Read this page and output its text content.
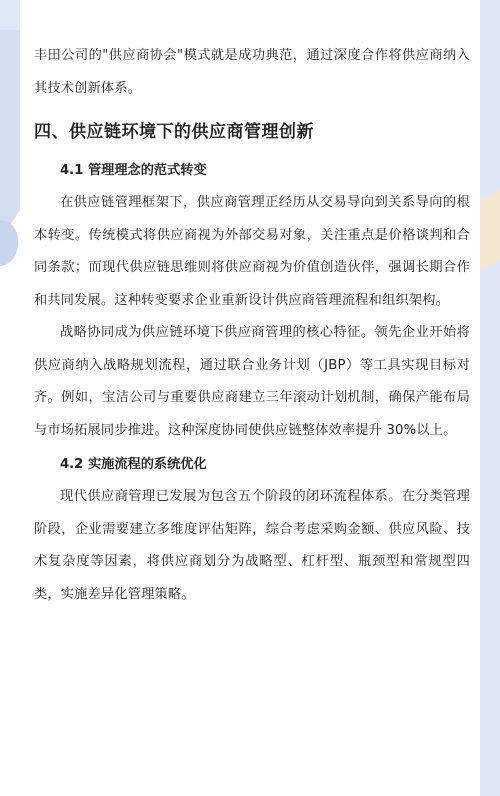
丰田公司的"供应商协会"模式就是成功典范，通过深度合作将供应商纳入其技术创新体系。

四、供应链环境下的供应商管理创新
4.1 管理理念的范式转变

在供应链管理框架下，供应商管理正经历从交易导向到关系导向的根本转变。传统模式将供应商视为外部交易对象，关注重点是价格谈判和合同条款；而现代供应链思维则将供应商视为价值创造伙伴，强调长期合作和共同发展。这种转变要求企业重新设计供应商管理流程和组织架构。

战略协同成为供应链环境下供应商管理的核心特征。领先企业开始将供应商纳入战略规划流程，通过联合业务计划（JBP）等工具实现目标对齐。例如，宝洁公司与重要供应商建立三年滚动计划机制，确保产能布局与市场拓展同步推进。这种深度协同使供应链整体效率提升 30%以上。

4.2 实施流程的系统优化

现代供应商管理已发展为包含五个阶段的闭环流程体系。在分类管理阶段，企业需要建立多维度评估矩阵，综合考虑采购金额、供应风险、技术复杂度等因素，将供应商划分为战略型、杠杆型、瓶颈型和常规型四类，实施差异化管理策略。
